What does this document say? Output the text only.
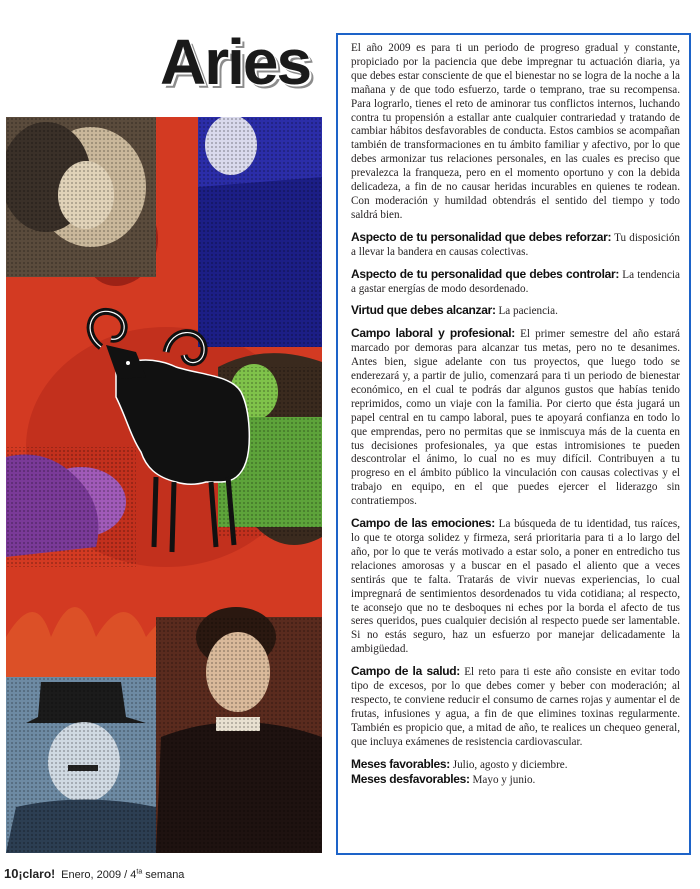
Aries	El año 2009 es para ti un periodo de progreso gradual y constante, propiciado por la paciencia que debe impregnar tu actuación diaria, ya que debes estar consciente de que el bienestar no se logra de la noche a la mañana y de que todo esfuerzo, tarde o temprano, trae su recompensa. Para lograrlo, tienes el reto de aminorar tus conflictos internos, luchando contra tu propensión a estallar ante cualquier contrariedad y tratando de cambiar hábitos desfavorables de conducta. Estos cambios se acompañan también de transformaciones en tu ámbito familiar y afectivo, por lo que debes armonizar tus relaciones personales, en las cuales es preciso que prevalezca la franqueza, pero en el momento oportuno y con la debida delicadeza, a fin de no causar heridas incurables en quienes te rodean. Con moderación y humildad obtendrás el sentido del tiempo y todo saldrá bien.

Aspecto de tu personalidad que debes reforzar: Tu disposición a llevar la bandera en causas colectivas.

Aspecto de tu personalidad que debes controlar: La tendencia a gastar energías de modo desordenado.

Virtud que debes alcanzar: La paciencia.

Campo laboral y profesional: El primer semestre del año estará marcado por demoras para alcanzar tus metas, pero no te desanimes. Antes bien, sigue adelante con tus proyectos, que luego todo se enderezará y, a partir de julio, comenzará para ti un periodo de bienestar económico, en el cual te podrás dar algunos gustos que habías tenido reprimidos, como un viaje con la familia. Por cierto que ésta jugará un papel central en tu campo laboral, pues te apoyará confianza en todo lo que emprendas, pero no permitas que se inmiscuya más de la cuenta en tus decisiones profesionales, ya que estas intromisiones te pueden descontrolar el ánimo, lo cual no es muy difícil. Contribuyen a tu progreso en el ámbito público la vinculación con causas colectivas y el trabajo en equipo, en el que puedes ejercer el liderazgo sin contratiempos.

Campo de las emociones: La búsqueda de tu identidad, tus raíces, lo que te otorga solidez y firmeza, será prioritaria para ti a lo largo del año, por lo que te verás motivado a estar solo, a poner en entredicho tus relaciones amorosas y a buscar en el pasado el aliento que a veces sentirás que te falta. Tratarás de vivir nuevas experiencias, lo cual impregnará de sentimientos desordenados tu vida cotidiana; al respecto, te aconsejo que no te desboques ni eches por la borda el afecto de tus seres queridos, pues cualquier decisión al respecto puede ser lamentable. Si no estás seguro, haz un esfuerzo por manejar delicadamente la ambigüedad.

Campo de la salud: El reto para ti este año consiste en evitar todo tipo de excesos, por lo que debes comer y beber con moderación; al respecto, te conviene reducir el consumo de carnes rojas y aumentar el de frutas, infusiones y agua, a fin de que elimines toxinas regularmente. También es propicio que, a mitad de año, te realices un chequeo general, que incluya exámenes de resistencia cardiovascular.

Meses favorables: Julio, agosto y diciembre.

Meses desfavorables: Mayo y junio.

10¡claro! Enero, $2009 / 4^{ta}$ semana
